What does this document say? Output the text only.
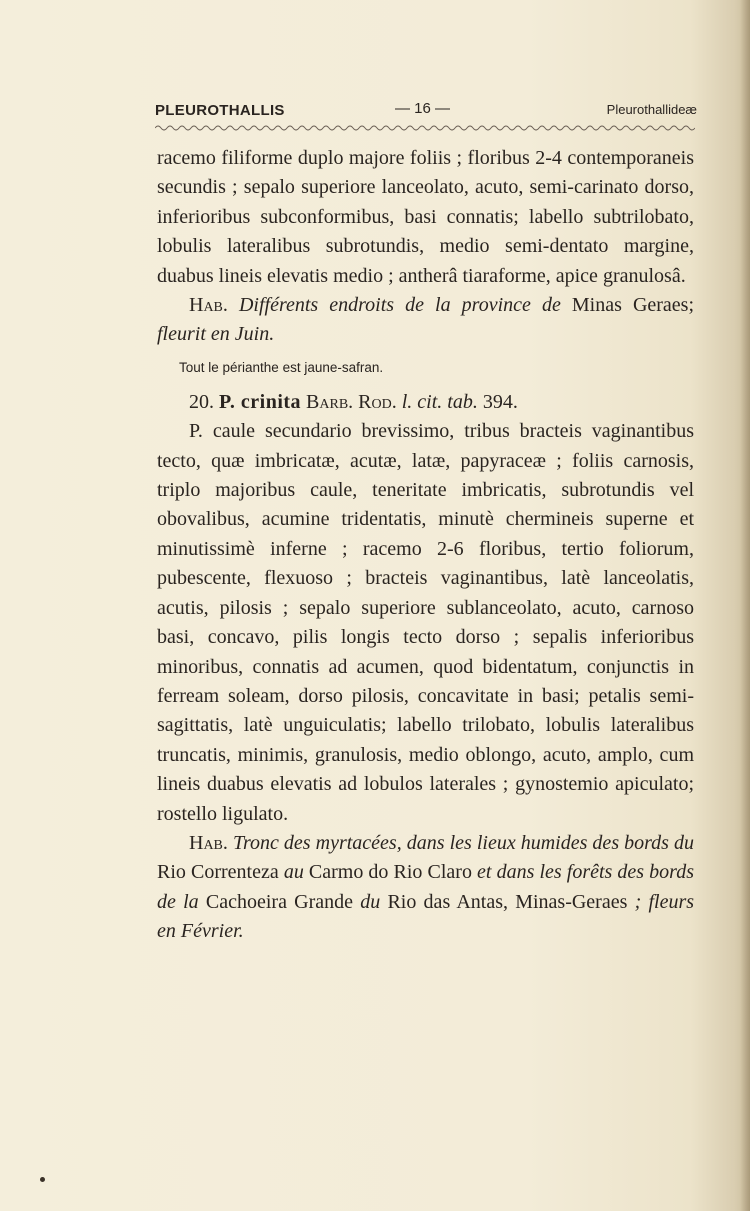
PLEUROTHALLIS	— 16 —	Pleurothallideæ

racemo filiforme duplo majore foliis ; floribus 2-4 contemporaneis secundis ; sepalo superiore lanceolato, acuto, semi-carinato dorso, inferioribus subconformibus, basi connatis; labello subtrilobato, lobulis lateralibus subrotundis, medio semi-dentato margine, duabus lineis elevatis medio ; antherâ tiaraforme, apice granulosâ.

Hab. Différents endroits de la province de Minas Geraes; fleurit en Juin.

Tout le périanthe est jaune-safran.

20. P. crinita Barb. Rod. l. cit. tab. 394.

P. caule secundario brevissimo, tribus bracteis vaginantibus tecto, quæ imbricatæ, acutæ, latæ, papyraceæ ; foliis carnosis, triplo majoribus caule, teneritate imbricatis, subrotundis vel obovalibus, acumine tridentatis, minutè chermineis superne et minutissimè inferne ; racemo 2-6 floribus, tertio foliorum, pubescente, flexuoso ; bracteis vaginantibus, latè lanceolatis, acutis, pilosis ; sepalo superiore sublanceolato, acuto, carnoso basi, concavo, pilis longis tecto dorso ; sepalis inferioribus minoribus, connatis ad acumen, quod bidentatum, conjunctis in ferream soleam, dorso pilosis, concavitate in basi; petalis semi-sagittatis, latè unguiculatis; labello trilobato, lobulis lateralibus truncatis, minimis, granulosis, medio oblongo, acuto, amplo, cum lineis duabus elevatis ad lobulos laterales ; gynostemio apiculato; rostello ligulato.

Hab. Tronc des myrtacées, dans les lieux humides des bords du Rio Correnteza au Carmo do Rio Claro et dans les forêts des bords de la Cachoeira Grande du Rio das Antas, Minas-Geraes ; fleurs en Février.
